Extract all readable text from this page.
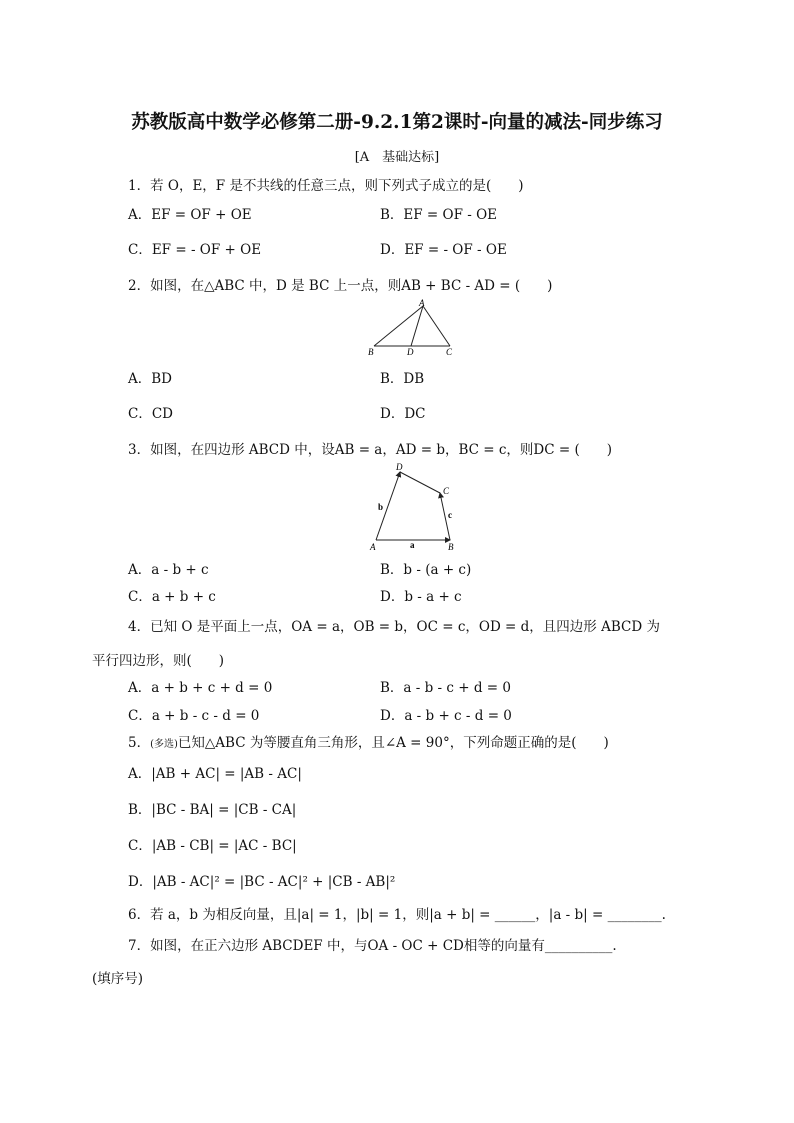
苏教版高中数学必修第二册-9.2.1第2课时-向量的减法-同步练习
[A　基础达标]
1．若 O，E，F 是不共线的任意三点，则下列式子成立的是(　　)
A．EF = OF + OE	B．EF = OF - OE
C．EF = - OF + OE	D．EF = - OF - OE
2．如图，在△ABC 中，D 是 BC 上一点，则AB + BC - AD = (　　)
A
B	D	C
A．BD	B．DB
C．CD	D．DC
3．如图，在四边形 ABCD 中，设AB = a，AD = b，BC = c，则DC = (　　)
D
C
A	B
a
b
c
A．a - b + c	B．b - (a + c)
C．a + b + c	D．b - a + c
4．已知 O 是平面上一点，OA = a，OB = b，OC = c，OD = d，且四边形 ABCD 为
平行四边形，则(　　)
A．a + b + c + d = 0	B．a - b - c + d = 0
C．a + b - c - d = 0	D．a - b + c - d = 0
5．(多选)已知△ABC 为等腰直角三角形，且∠A = 90°，下列命题正确的是(　　)
A．|AB + AC| = |AB - AC|
B．|BC - BA| = |CB - CA|
C．|AB - CB| = |AC - BC|
D．|AB - AC|² = |BC - AC|² + |CB - AB|²
6．若 a，b 为相反向量，且|a| = 1，|b| = 1，则|a + b| = ______，|a - b| = ________.
7．如图，在正六边形 ABCDEF 中，与OA - OC + CD相等的向量有__________.
(填序号)
